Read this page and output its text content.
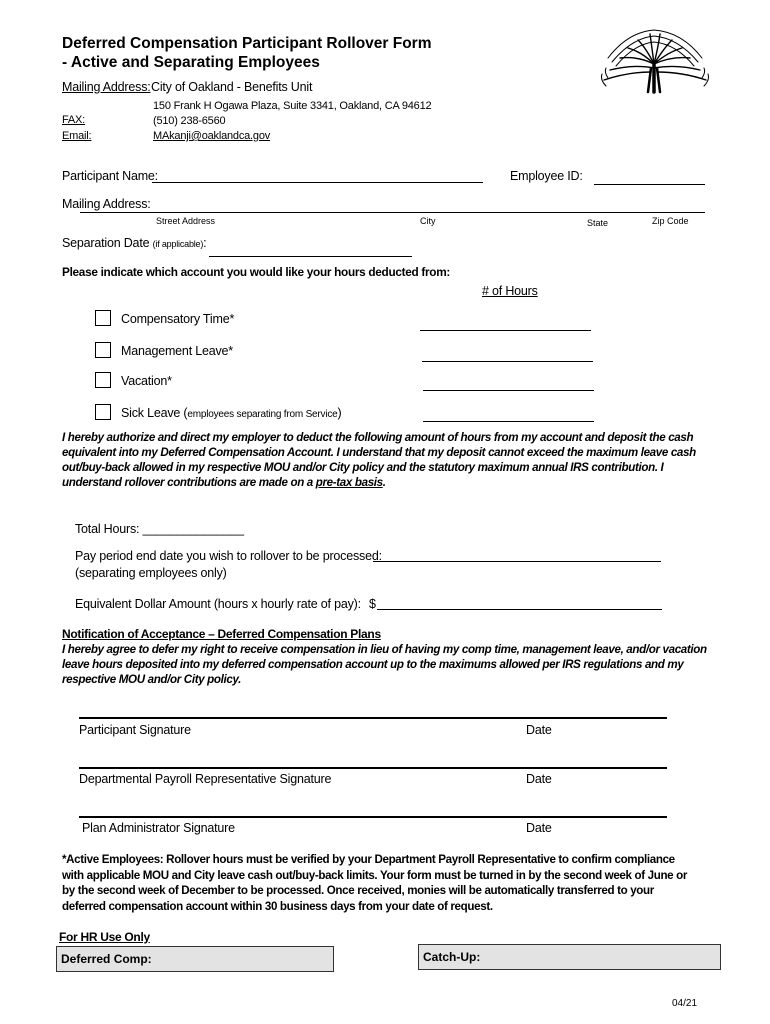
Deferred Compensation Participant Rollover Form
- Active and Separating Employees
Mailing Address: City of Oakland - Benefits Unit
150 Frank H Ogawa Plaza, Suite 3341, Oakland, CA 94612
FAX:	(510) 238-6560
Email:	MAkanji@oaklandca.gov
Participant Name:	Employee ID:
Mailing Address:
Street Address	City	State	Zip Code
Separation Date (if applicable):
Please indicate which account you would like your hours deducted from:
# of Hours
Compensatory Time*
Management Leave*
Vacation*
Sick Leave (employees separating from Service)
I hereby authorize and direct my employer to deduct the following amount of hours from my account and deposit the cash equivalent into my Deferred Compensation Account. I understand that my deposit cannot exceed the maximum leave cash out/buy-back allowed in my respective MOU and/or City policy and the statutory maximum annual IRS contribution. I understand rollover contributions are made on a pre-tax basis.
Total Hours: _______________
Pay period end date you wish to rollover to be processed:
(separating employees only)
Equivalent Dollar Amount (hours x hourly rate of pay): $
Notification of Acceptance – Deferred Compensation Plans
I hereby agree to defer my right to receive compensation in lieu of having my comp time, management leave, and/or vacation leave hours deposited into my deferred compensation account up to the maximums allowed per IRS regulations and my respective MOU and/or City policy.
Participant Signature	Date
Departmental Payroll Representative Signature	Date
Plan Administrator Signature	Date
*Active Employees: Rollover hours must be verified by your Department Payroll Representative to confirm compliance with applicable MOU and City leave cash out/buy-back limits. Your form must be turned in by the second week of June or by the second week of December to be processed. Once received, monies will be automatically transferred to your deferred compensation account within 30 business days from your date of request.
For HR Use Only
Deferred Comp:	Catch-Up:
04/21
